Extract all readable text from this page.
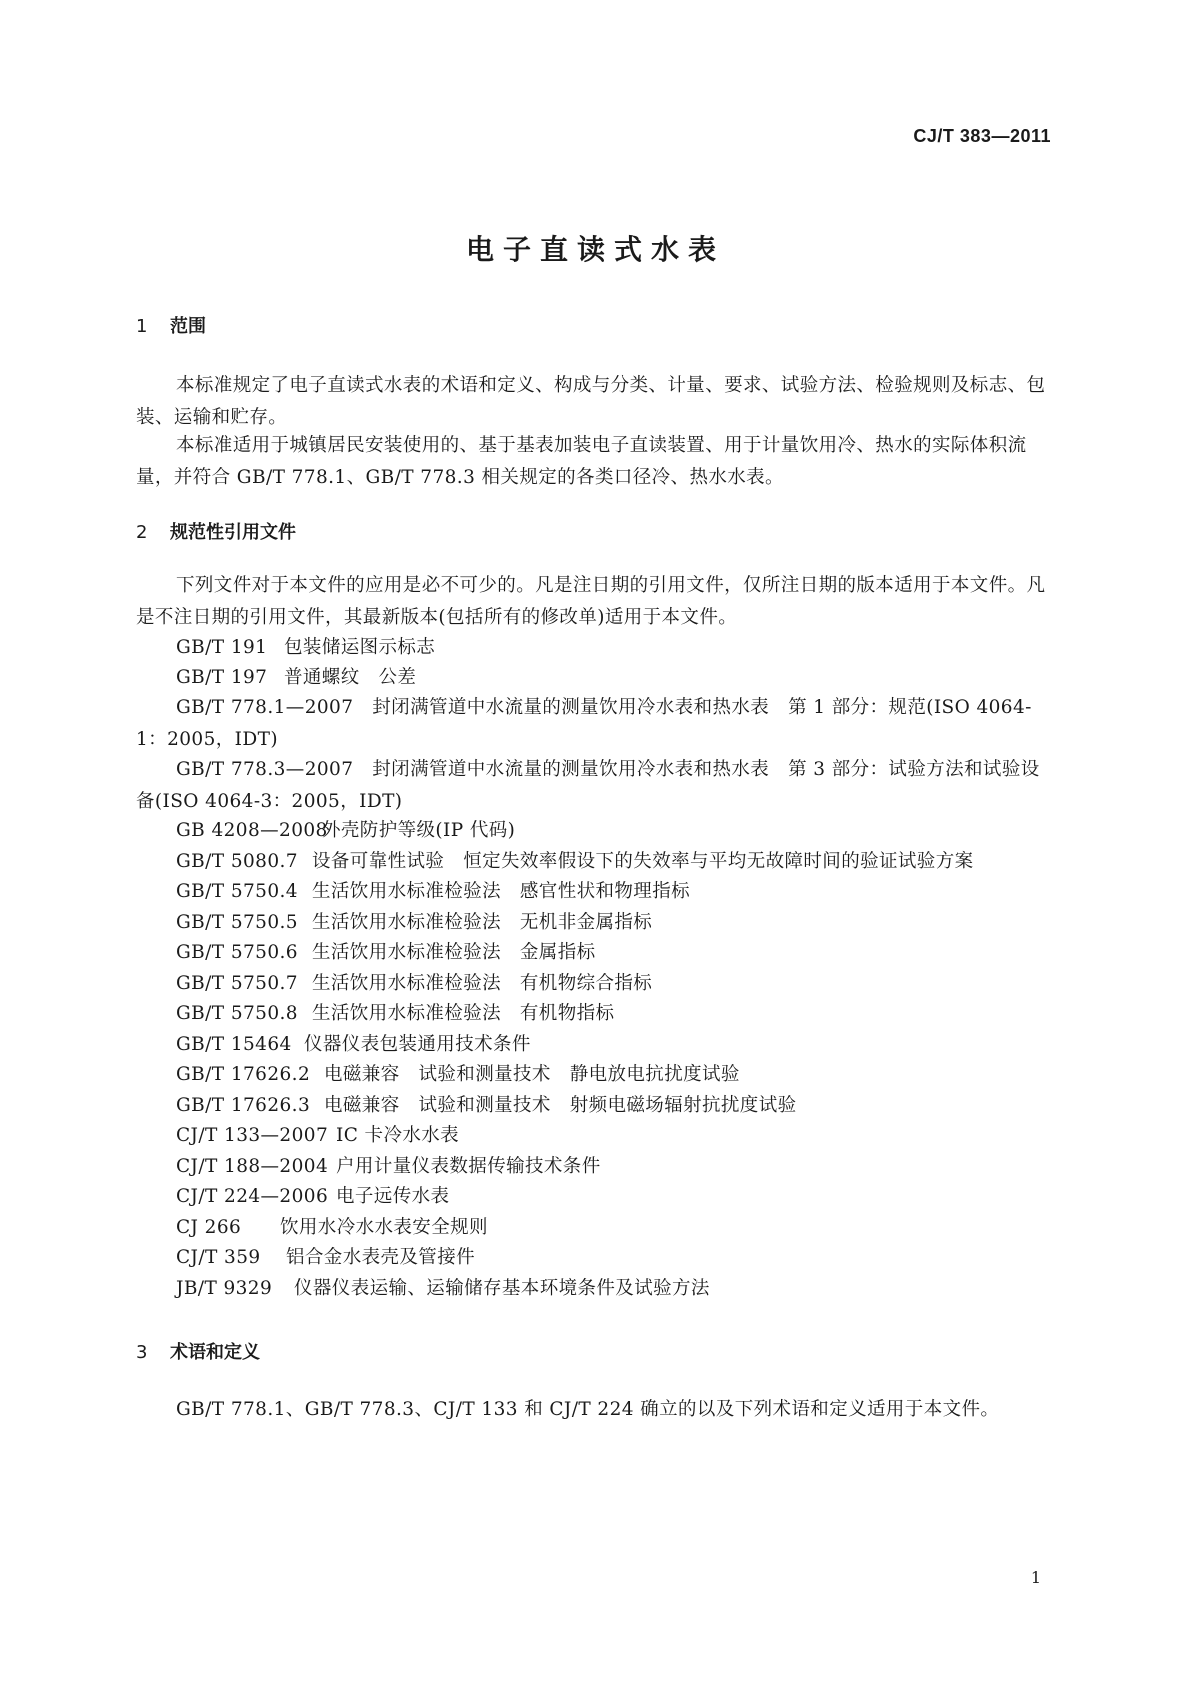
CJ/T 383—2011
电子直读式水表
1 范围
本标准规定了电子直读式水表的术语和定义、构成与分类、计量、要求、试验方法、检验规则及标志、包装、运输和贮存。
本标准适用于城镇居民安装使用的、基于基表加装电子直读装置、用于计量饮用冷、热水的实际体积流量，并符合 GB/T 778.1、GB/T 778.3 相关规定的各类口径冷、热水水表。
2 规范性引用文件
下列文件对于本文件的应用是必不可少的。凡是注日期的引用文件，仅所注日期的版本适用于本文件。凡是不注日期的引用文件，其最新版本(包括所有的修改单)适用于本文件。
GB/T 191 包装储运图示标志
GB/T 197 普通螺纹　公差
GB/T 778.1—2007　 封闭满管道中水流量的测量饮用冷水表和热水表　第 1 部分：规范(ISO 4064-1：2005，IDT)
GB/T 778.3—2007　 封闭满管道中水流量的测量饮用冷水表和热水表　第 3 部分：试验方法和试验设备(ISO 4064-3：2005，IDT)
GB 4208—2008外壳防护等级(IP 代码)
GB/T 5080.7 设备可靠性试验　恒定失效率假设下的失效率与平均无故障时间的验证试验方案
GB/T 5750.4 生活饮用水标准检验法　感官性状和物理指标
GB/T 5750.5 生活饮用水标准检验法　无机非金属指标
GB/T 5750.6 生活饮用水标准检验法　金属指标
GB/T 5750.7 生活饮用水标准检验法　有机物综合指标
GB/T 5750.8 生活饮用水标准检验法　有机物指标
GB/T 15464 仪器仪表包装通用技术条件
GB/T 17626.2 电磁兼容　试验和测量技术　静电放电抗扰度试验
GB/T 17626.3 电磁兼容　试验和测量技术　射频电磁场辐射抗扰度试验
CJ/T 133—2007 IC 卡冷水水表
CJ/T 188—2004 户用计量仪表数据传输技术条件
CJ/T 224—2006 电子远传水表
CJ 266 饮用水冷水水表安全规则
CJ/T 359 铝合金水表壳及管接件
JB/T 9329 仪器仪表运输、运输储存基本环境条件及试验方法
3 术语和定义
GB/T 778.1、GB/T 778.3、CJ/T 133 和 CJ/T 224 确立的以及下列术语和定义适用于本文件。
1
